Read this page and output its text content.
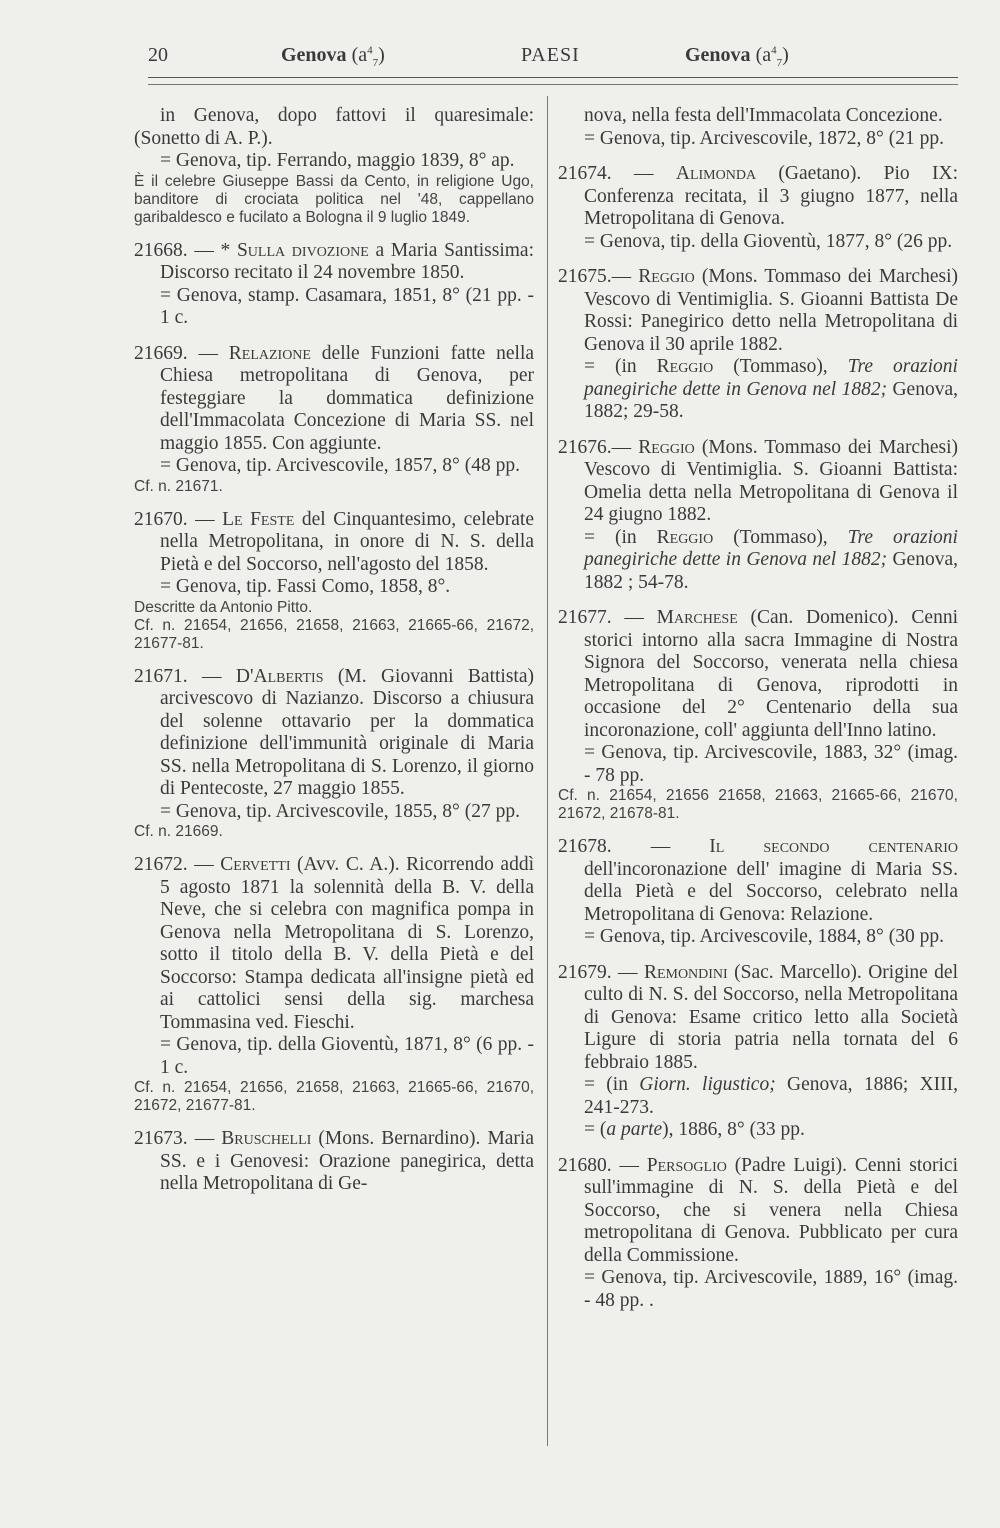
20	Genova $(a^4_7)$	PAESI	Genova $(a^4_7)$

in Genova, dopo fattovi il quaresimale: (Sonetto di A. P.).

= Genova, tip. Ferrando, maggio 1839, 8° ap.

È il celebre Giuseppe Bassi da Cento, in religione Ugo, banditore di crociata politica nel '48, cappellano garibaldesco e fucilato a Bologna il 9 luglio 1849.

21668. — * Sulla divozione a Maria Santissima: Discorso recitato il 24 novembre 1850.

= Genova, stamp. Casamara, 1851, 8° (21 pp. - 1 c.

21669. — Relazione delle Funzioni fatte nella Chiesa metropolitana di Genova, per festeggiare la dommatica definizione dell'Immacolata Concezione di Maria SS. nel maggio 1855. Con aggiunte.

= Genova, tip. Arcivescovile, 1857, 8° (48 pp.

Cf. n. 21671.

21670. — Le Feste del Cinquantesimo, celebrate nella Metropolitana, in onore di N. S. della Pietà e del Soccorso, nell'agosto del 1858.

= Genova, tip. Fassi Como, 1858, 8°.

Descritte da Antonio Pitto.

Cf. n. 21654, 21656, 21658, 21663, 21665-66, 21672, 21677-81.

21671. — D'Albertis (M. Giovanni Battista) arcivescovo di Nazianzo. Discorso a chiusura del solenne ottavario per la dommatica definizione dell'immunità originale di Maria SS. nella Metropolitana di S. Lorenzo, il giorno di Pentecoste, 27 maggio 1855.

= Genova, tip. Arcivescovile, 1855, 8° (27 pp.

Cf. n. 21669.

21672. — Cervetti (Avv. C. A.). Ricorrendo addì 5 agosto 1871 la solennità della B. V. della Neve, che si celebra con magnifica pompa in Genova nella Metropolitana di S. Lorenzo, sotto il titolo della B. V. della Pietà e del Soccorso: Stampa dedicata all'insigne pietà ed ai cattolici sensi della sig. marchesa Tommasina ved. Fieschi.

= Genova, tip. della Gioventù, 1871, 8° (6 pp. - 1 c.

Cf. n. 21654, 21656, 21658, 21663, 21665-66, 21670, 21672, 21677-81.

21673. — Bruschelli (Mons. Bernardino). Maria SS. e i Genovesi: Orazione panegirica, detta nella Metropolitana di Ge-

nova, nella festa dell'Immacolata Concezione.

= Genova, tip. Arcivescovile, 1872, 8° (21 pp.

21674. — Alimonda (Gaetano). Pio IX: Conferenza recitata, il 3 giugno 1877, nella Metropolitana di Genova.

= Genova, tip. della Gioventù, 1877, 8° (26 pp.

21675.— Reggio (Mons. Tommaso dei Marchesi) Vescovo di Ventimiglia. S. Gioanni Battista De Rossi: Panegirico detto nella Metropolitana di Genova il 30 aprile 1882.

= (in Reggio (Tommaso), Tre orazioni panegiriche dette in Genova nel 1882; Genova, 1882; 29-58.

21676.— Reggio (Mons. Tommaso dei Marchesi) Vescovo di Ventimiglia. S. Gioanni Battista: Omelia detta nella Metropolitana di Genova il 24 giugno 1882.

= (in Reggio (Tommaso), Tre orazioni panegiriche dette in Genova nel 1882; Genova, 1882 ; 54-78.

21677. — Marchese (Can. Domenico). Cenni storici intorno alla sacra Immagine di Nostra Signora del Soccorso, venerata nella chiesa Metropolitana di Genova, riprodotti in occasione del 2° Centenario della sua incoronazione, coll' aggiunta dell'Inno latino.

= Genova, tip. Arcivescovile, 1883, 32° (imag. - 78 pp.

Cf. n. 21654, 21656 21658, 21663, 21665-66, 21670, 21672, 21678-81.

21678. — Il secondo centenario dell'incoronazione dell' imagine di Maria SS. della Pietà e del Soccorso, celebrato nella Metropolitana di Genova: Relazione.

= Genova, tip. Arcivescovile, 1884, 8° (30 pp.

21679. — Remondini (Sac. Marcello). Origine del culto di N. S. del Soccorso, nella Metropolitana di Genova: Esame critico letto alla Società Ligure di storia patria nella tornata del 6 febbraio 1885.

= (in Giorn. ligustico; Genova, 1886; XIII, 241-273.

= (a parte), 1886, 8° (33 pp.

21680. — Persoglio (Padre Luigi). Cenni storici sull'immagine di N. S. della Pietà e del Soccorso, che si venera nella Chiesa metropolitana di Genova. Pubblicato per cura della Commissione.

= Genova, tip. Arcivescovile, 1889, 16° (imag. - 48 pp. .
